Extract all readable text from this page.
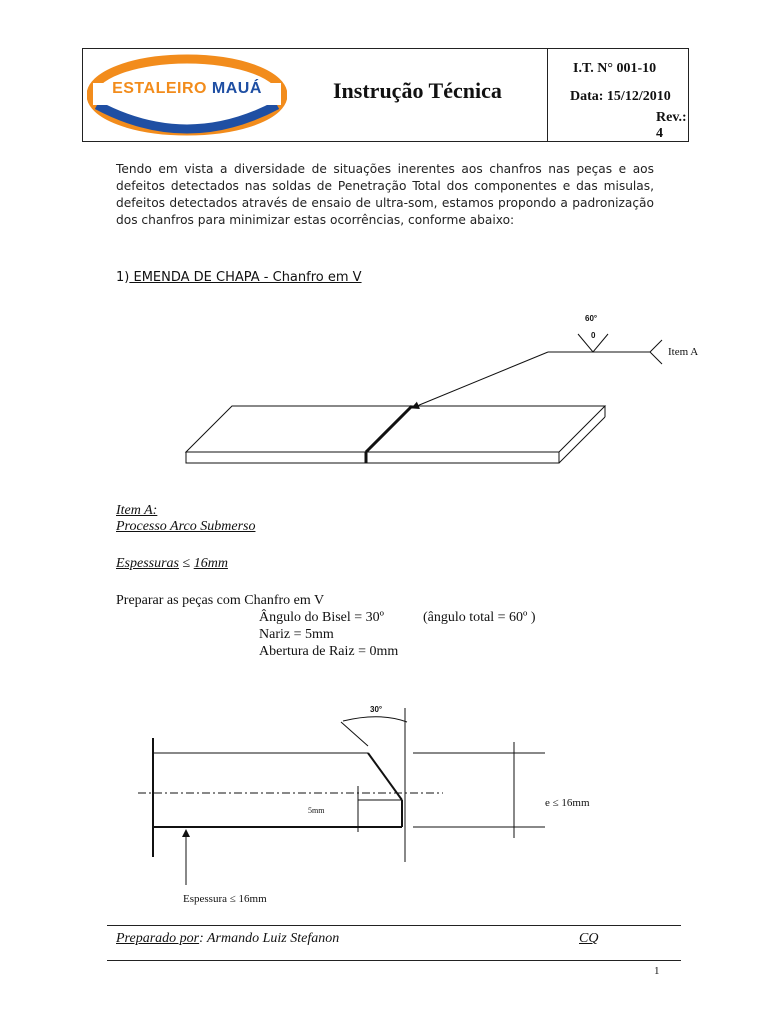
ESTALEIRO MAUÁ	Instrução Técnica
I.T. N° 001-10
Data: 15/12/2010
Rev.: 4
Tendo em vista a diversidade de situações inerentes aos chanfros nas peças e aos defeitos detectados nas soldas de Penetração Total dos componentes e das misulas, defeitos detectados através de ensaio de ultra-som, estamos propondo a padronização dos chanfros para minimizar estas ocorrências, conforme abaixo:
1) EMENDA DE CHAPA - Chanfro em V
60°
0
Item A
Item A:
Processo Arco Submerso
Espessuras ≤ 16mm
Preparar as peças com Chanfro em V
Ângulo do Bisel = 30º	(ângulo total = 60º )
Nariz = 5mm
Abertura de Raiz = 0mm
30°
5mm
e ≤ 16mm
Espessura ≤ 16mm
Preparado por: Armando Luiz Stefanon	CQ
1
